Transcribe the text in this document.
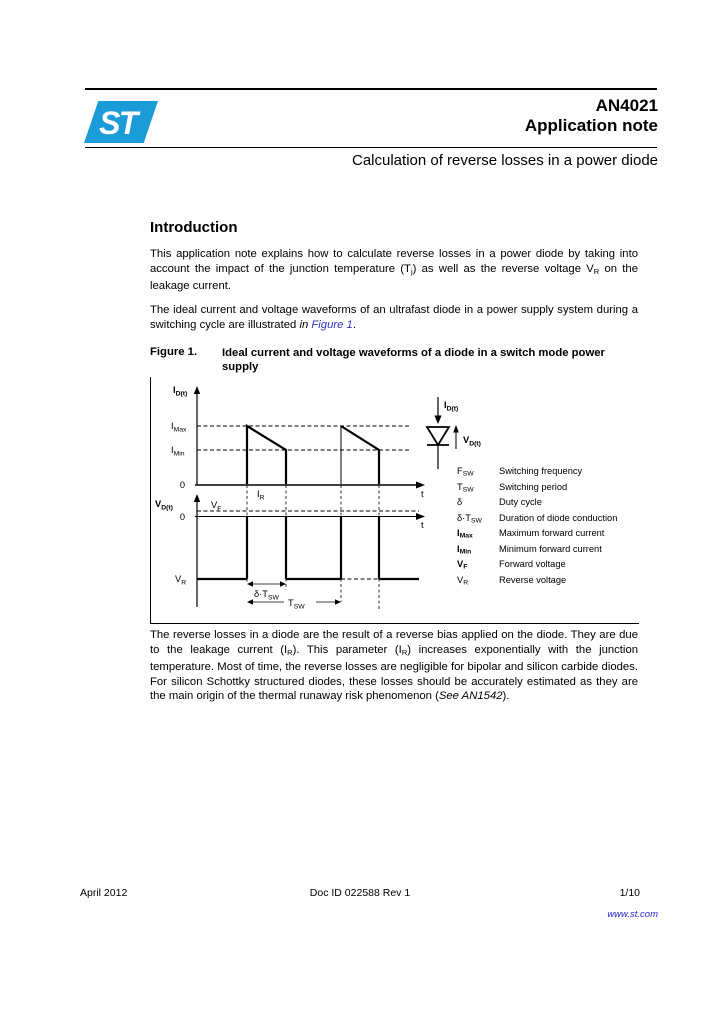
ST	AN4021
Application note
Calculation of reverse losses in a power diode
Introduction

This application note explains how to calculate reverse losses in a power diode by taking into account the impact of the junction temperature $(T_j)$ as well as the reverse voltage $V_R$ on the leakage current.

The ideal current and voltage waveforms of an ultrafast diode in a power supply system during a switching cycle are illustrated in Figure 1.

Figure 1. Ideal current and voltage waveforms of a diode in a switch mode power supply
$I_{D(t)}$
$I_{Max}$
$I_{Min}$
0
t
$I_R$
$V_{D(t)}$	$V_F$
0
t
$V_R$
$\delta\cdot T_{SW}$ $T_{SW}$
$I_{D(t)}$
$V_{D(t)}$
FSW	Switching frequency
TSW	Switching period
δ	Duty cycle
δ·TSW	Duration of diode conduction
IMax	Maximum forward current
IMin	Minimum forward current
VF	Forward voltage
VR	Reverse voltage

The reverse losses in a diode are the result of a reverse bias applied on the diode. They are due to the leakage current $(I_R)$. This parameter $(I_R)$ increases exponentially with the junction temperature. Most of time, the reverse losses are negligible for bipolar and silicon carbide diodes. For silicon Schottky structured diodes, these losses should be accurately estimated as they are the main origin of the thermal runaway risk phenomenon (See AN1542).

April 2012	Doc ID 022588 Rev 1	1/10
www.st.com
